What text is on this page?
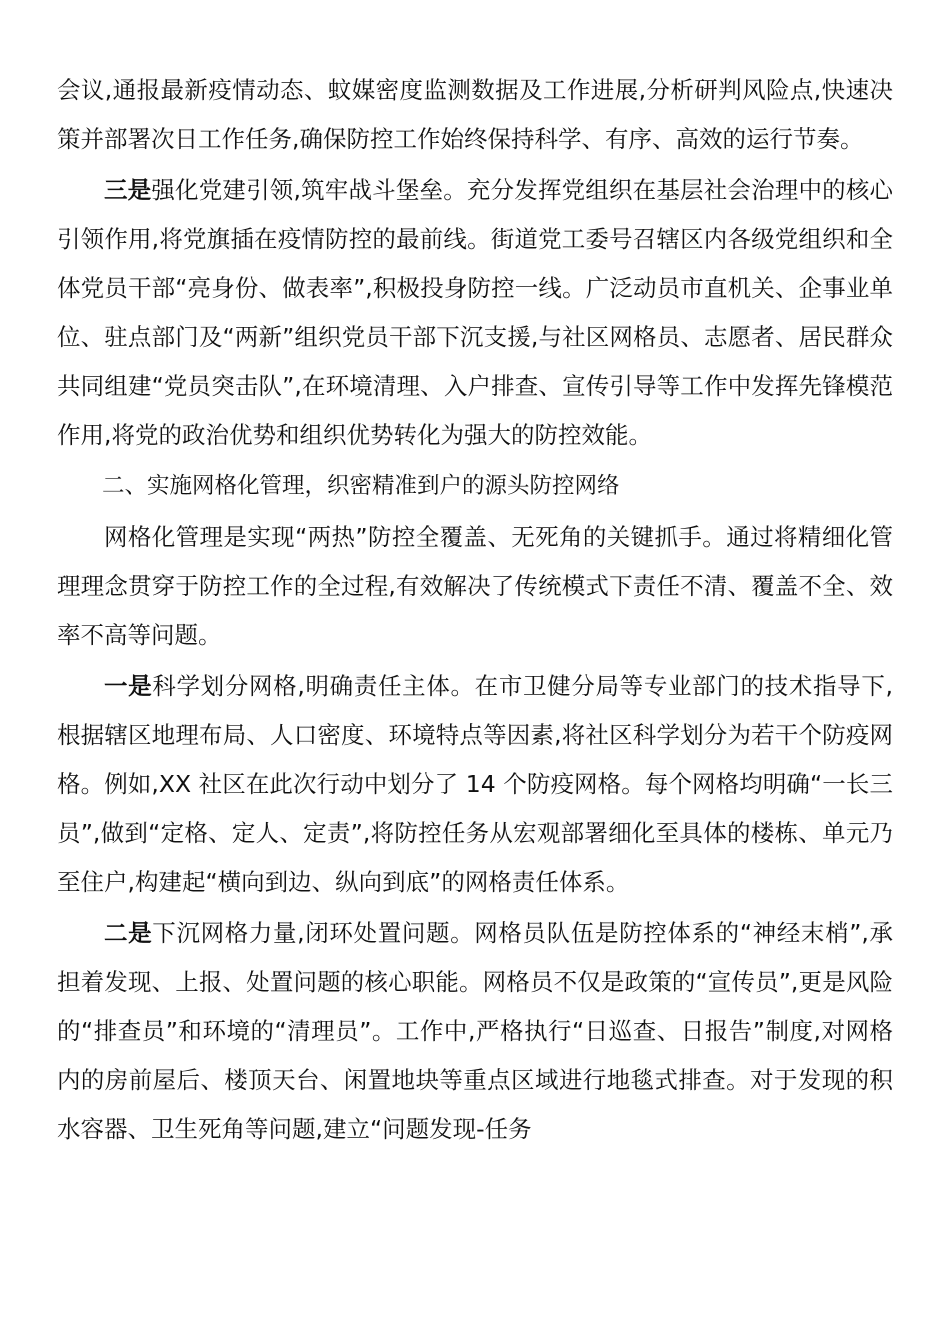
会议,通报最新疫情动态、蚊媒密度监测数据及工作进展,分析研判风险点,快速决策并部署次日工作任务,确保防控工作始终保持科学、有序、高效的运行节奏。

三是强化党建引领,筑牢战斗堡垒。充分发挥党组织在基层社会治理中的核心引领作用,将党旗插在疫情防控的最前线。街道党工委号召辖区内各级党组织和全体党员干部“亮身份、做表率”,积极投身防控一线。广泛动员市直机关、企事业单位、驻点部门及“两新”组织党员干部下沉支援,与社区网格员、志愿者、居民群众共同组建“党员突击队”,在环境清理、入户排查、宣传引导等工作中发挥先锋模范作用,将党的政治优势和组织优势转化为强大的防控效能。

二、实施网格化管理，织密精准到户的源头防控网络

网格化管理是实现“两热”防控全覆盖、无死角的关键抓手。通过将精细化管理理念贯穿于防控工作的全过程,有效解决了传统模式下责任不清、覆盖不全、效率不高等问题。

一是科学划分网格,明确责任主体。在市卫健分局等专业部门的技术指导下,根据辖区地理布局、人口密度、环境特点等因素,将社区科学划分为若干个防疫网格。例如,XX 社区在此次行动中划分了 14 个防疫网格。每个网格均明确“一长三员”,做到“定格、定人、定责”,将防控任务从宏观部署细化至具体的楼栋、单元乃至住户,构建起“横向到边、纵向到底”的网格责任体系。

二是下沉网格力量,闭环处置问题。网格员队伍是防控体系的“神经末梢”,承担着发现、上报、处置问题的核心职能。网格员不仅是政策的“宣传员”,更是风险的“排查员”和环境的“清理员”。工作中,严格执行“日巡查、日报告”制度,对网格内的房前屋后、楼顶天台、闲置地块等重点区域进行地毯式排查。对于发现的积水容器、卫生死角等问题,建立“问题发现-任务
